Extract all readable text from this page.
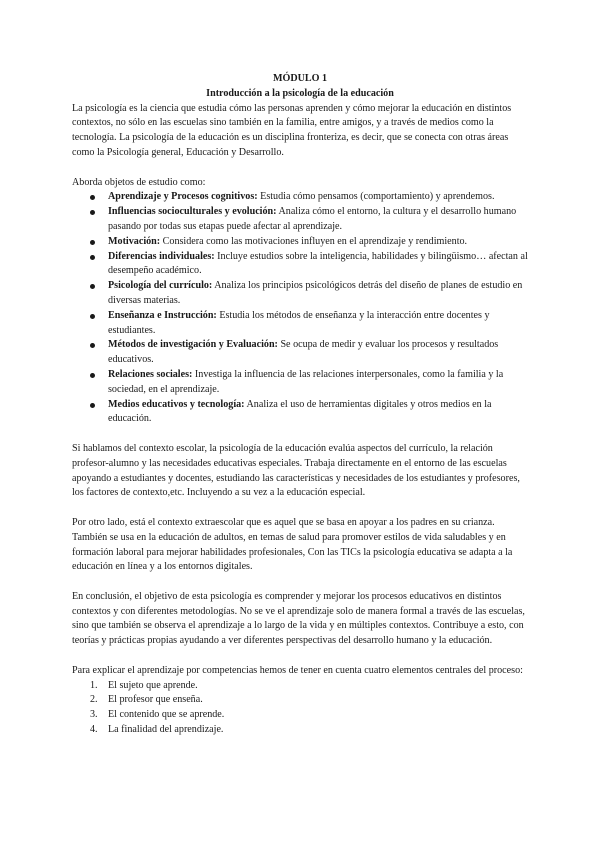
MÓDULO 1

Introducción a la psicología de la educación

La psicología es la ciencia que estudia cómo las personas aprenden y cómo mejorar la educación en distintos contextos, no sólo en las escuelas sino también en la familia, entre amigos, y a través de medios como la tecnología. La psicología de la educación es un disciplina fronteriza, es decir, que se conecta con otras áreas como la Psicología general, Educación y Desarrollo.

Aborda objetos de estudio como:

Aprendizaje y Procesos cognitivos: Estudia cómo pensamos (comportamiento) y aprendemos.
Influencias socioculturales y evolución: Analiza cómo el entorno, la cultura y el desarrollo humano pasando por todas sus etapas puede afectar al aprendizaje.
Motivación: Considera como las motivaciones influyen en el aprendizaje y rendimiento.
Diferencias individuales: Incluye estudios sobre la inteligencia, habilidades y bilingüismo… afectan al desempeño académico.
Psicología del currículo: Analiza los principios psicológicos detrás del diseño de planes de estudio en diversas materias.
Enseñanza e Instrucción: Estudia los métodos de enseñanza y la interacción entre docentes y estudiantes.
Métodos de investigación y Evaluación: Se ocupa de medir y evaluar los procesos y resultados educativos.
Relaciones sociales: Investiga la influencia de las relaciones interpersonales, como la familia y la sociedad, en el aprendizaje.
Medios educativos y tecnología: Analiza el uso de herramientas digitales y otros medios en la educación.

Si hablamos del contexto escolar, la psicología de la educación evalúa aspectos del currículo, la relación profesor-alumno y las necesidades educativas especiales. Trabaja directamente en el entorno de las escuelas apoyando a estudiantes y docentes, estudiando las características y necesidades de los estudiantes y profesores, los factores de contexto,etc. Incluyendo a su vez a la educación especial.

Por otro lado, está el contexto extraescolar que es aquel que se basa en apoyar a los padres en su crianza. También se usa en la educación de adultos, en temas de salud para promover estilos de vida saludables y en formación laboral para mejorar habilidades profesionales, Con las TICs la psicología educativa se adapta a la educación en línea y a los entornos digitales.

En conclusión, el objetivo de esta psicología es comprender y mejorar los procesos educativos en distintos contextos y con diferentes metodologías. No se ve el aprendizaje solo de manera formal a través de las escuelas, sino que también se observa el aprendizaje a lo largo de la vida y en múltiples contextos. Contribuye a esto, con teorías y prácticas propias ayudando a ver diferentes perspectivas del desarrollo humano y la educación.

Para explicar el aprendizaje por competencias hemos de tener en cuenta cuatro elementos centrales del proceso:

1. El sujeto que aprende.
2. El profesor que enseña.
3. El contenido que se aprende.
4. La finalidad del aprendizaje.
